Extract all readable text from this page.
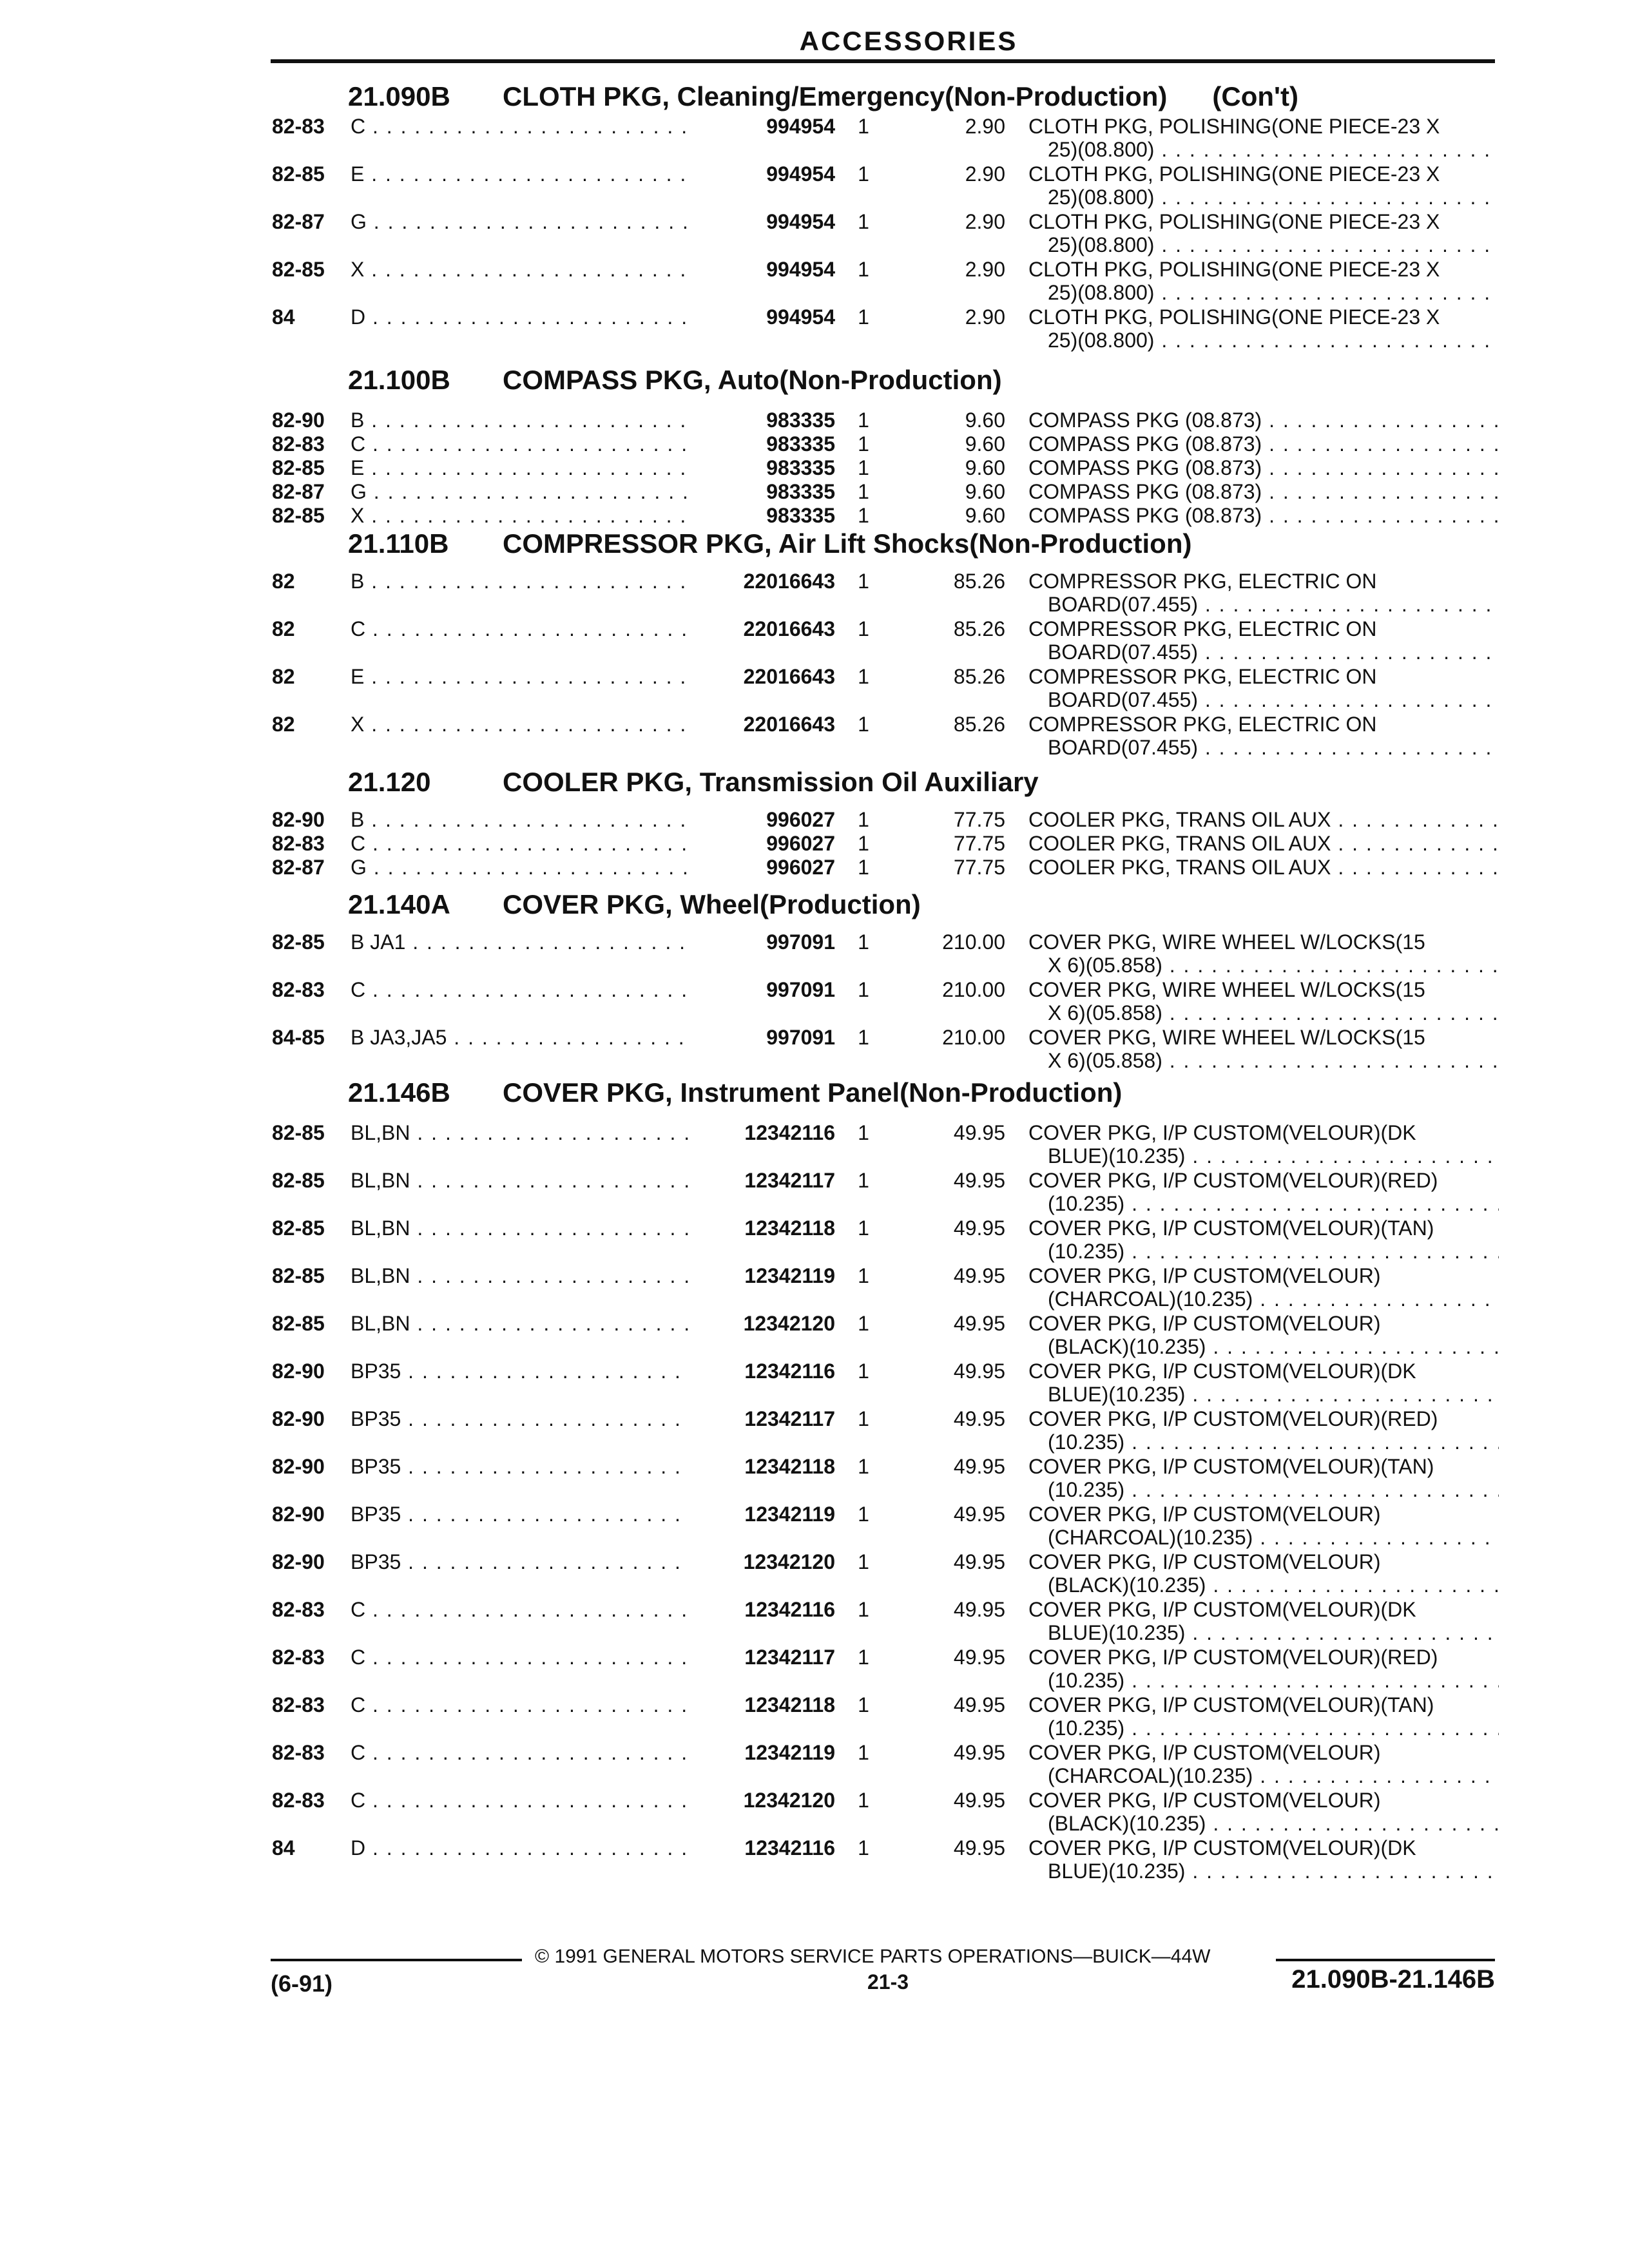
ACCESSORIES
21.090B CLOTH PKG, Cleaning/Emergency(Non-Production) (Con't)
82-83	C . . .	994954	1	2.90 CLOTH PKG, POLISHING(ONE PIECE-23 X
25)(08.800) . . .
82-85	E . . .	994954	1	2.90 CLOTH PKG, POLISHING(ONE PIECE-23 X
25)(08.800) . . .
82-87	G . . .	994954	1	2.90 CLOTH PKG, POLISHING(ONE PIECE-23 X
25)(08.800) . . .
82-85	X . . .	994954	1	2.90 CLOTH PKG, POLISHING(ONE PIECE-23 X
25)(08.800) . . .
84	D . . .	994954	1	2.90 CLOTH PKG, POLISHING(ONE PIECE-23 X
25)(08.800) . . .
21.100B COMPASS PKG, Auto(Non-Production)
82-90	B . . .	983335	1	9.60 COMPASS PKG (08.873) . . .
82-83	C . . .	983335	1	9.60 COMPASS PKG (08.873) . . .
82-85	E . . .	983335	1	9.60 COMPASS PKG (08.873) . . .
82-87	G . . .	983335	1	9.60 COMPASS PKG (08.873) . . .
82-85	X . . .	983335	1	9.60 COMPASS PKG (08.873) . . .
21.110B COMPRESSOR PKG, Air Lift Shocks(Non-Production)
82	B . . .	22016643	1	85.26 COMPRESSOR PKG, ELECTRIC ON
BOARD(07.455) . . .
82	C . . .	22016643	1	85.26 COMPRESSOR PKG, ELECTRIC ON
BOARD(07.455) . . .
82	E . . .	22016643	1	85.26 COMPRESSOR PKG, ELECTRIC ON
BOARD(07.455) . . .
82	X . . .	22016643	1	85.26 COMPRESSOR PKG, ELECTRIC ON
BOARD(07.455) . . .
21.120	COOLER PKG, Transmission Oil Auxiliary
82-90	B . . .	996027	1	77.75 COOLER PKG, TRANS OIL AUX . . .
82-83	C . . .	996027	1	77.75 COOLER PKG, TRANS OIL AUX . . .
82-87	G . . .	996027	1	77.75 COOLER PKG, TRANS OIL AUX . . .
21.140A COVER PKG, Wheel(Production)
82-85	B JA1 . . .	997091	1	210.00 COVER PKG, WIRE WHEEL W/LOCKS(15
X 6)(05.858) . . .
82-83	C . . .	997091	1	210.00 COVER PKG, WIRE WHEEL W/LOCKS(15
X 6)(05.858) . . .
84-85	B JA3,JA5 . . .	997091	1	210.00 COVER PKG, WIRE WHEEL W/LOCKS(15
X 6)(05.858) . . .
21.146B COVER PKG, Instrument Panel(Non-Production)
82-85	BL,BN . . .	12342116	1	49.95 COVER PKG, I/P CUSTOM(VELOUR)(DK
BLUE)(10.235) . . .
82-85	BL,BN . . .	12342117	1	49.95 COVER PKG, I/P CUSTOM(VELOUR)(RED)
(10.235) . . .
82-85	BL,BN . . .	12342118	1	49.95 COVER PKG, I/P CUSTOM(VELOUR)(TAN)
(10.235) . . .
82-85	BL,BN . . .	12342119	1	49.95 COVER PKG, I/P CUSTOM(VELOUR)
(CHARCOAL)(10.235) . . .
82-85	BL,BN . . .	12342120	1	49.95 COVER PKG, I/P CUSTOM(VELOUR)
(BLACK)(10.235) . . .
82-90	BP35 . . .	12342116	1	49.95 COVER PKG, I/P CUSTOM(VELOUR)(DK
BLUE)(10.235) . . .
82-90	BP35 . . .	12342117	1	49.95 COVER PKG, I/P CUSTOM(VELOUR)(RED)
(10.235) . . .
82-90	BP35 . . .	12342118	1	49.95 COVER PKG, I/P CUSTOM(VELOUR)(TAN)
(10.235) . . .
82-90	BP35 . . .	12342119	1	49.95 COVER PKG, I/P CUSTOM(VELOUR)
(CHARCOAL)(10.235) . . .
82-90	BP35 . . .	12342120	1	49.95 COVER PKG, I/P CUSTOM(VELOUR)
(BLACK)(10.235) . . .
82-83	C . . .	12342116	1	49.95 COVER PKG, I/P CUSTOM(VELOUR)(DK
BLUE)(10.235) . . .
82-83	C . . .	12342117	1	49.95 COVER PKG, I/P CUSTOM(VELOUR)(RED)
(10.235) . . .
82-83	C . . .	12342118	1	49.95 COVER PKG, I/P CUSTOM(VELOUR)(TAN)
(10.235) . . .
82-83	C . . .	12342119	1	49.95 COVER PKG, I/P CUSTOM(VELOUR)
(CHARCOAL)(10.235) . . .
82-83	C . . .	12342120	1	49.95 COVER PKG, I/P CUSTOM(VELOUR)
(BLACK)(10.235) . . .
84	D . . .	12342116	1	49.95 COVER PKG, I/P CUSTOM(VELOUR)(DK
BLUE)(10.235) . . .
© 1991 GENERAL MOTORS SERVICE PARTS OPERATIONS—BUICK—44W
(6-91)	21-3	21.090B-21.146B
